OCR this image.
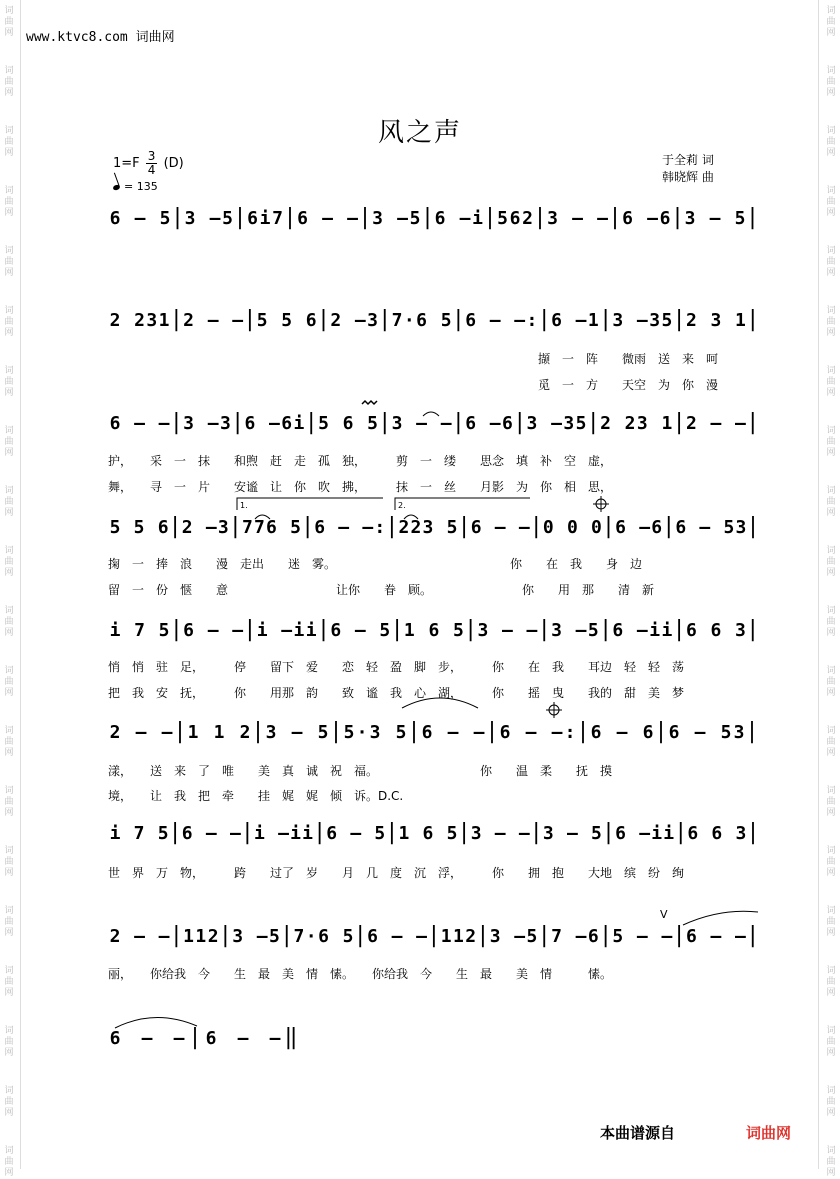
词
曲
网
词
曲
网
词
曲
网
词
曲
网
词
曲
网
词
曲
网
词
曲
网
词
曲
网
词
曲
网
词
曲
网
词
曲
网
词
曲
网
词
曲
网
词
曲
网
词
曲
网
词
曲
网
词
曲
网
词
曲
网
词
曲
网
词
曲
网
词
曲
网
词
曲
网
词
曲
网
词
曲
网
词
曲
网
词
曲
网
词
曲
网
词
曲
网
词
曲
网
词
曲
网
词
曲
网
词
曲
网
词
曲
网
词
曲
网
词
曲
网
词
曲
网
词
曲
网
词
曲
网
词
曲
网
词
曲
网
www.ktvc8.com 词曲网
风之声
$1=F \frac{3}{4} (D)$
= 135
于全莉 词
韩晓辉 曲
6 – 5 | 3 – 5 | 6 i 7 | 6 – – | 3 – 5 | 6 – i | 5 6 2 | 3 – – | 6 – 6 | 3 – 5 |
2 2 3 1 | 2 – – | 5 5 6 | 2 – 3 | 7 · 6 5 | 6 – – : | 6 – 1 | 3 – 3 5 | 2 3 1 |
撷　一　阵　　微雨　送　来　呵
觅　一　方　　天空　为　你　漫
6 – – | 3 – 3 | 6 – 6 i | 5 6 5 | 3 – – | 6 – 6 | 3 – 3 5 | 2 2 3 1 | 2 – – |
护，　　采　一　抹　　和煦　赶　走　孤　独，　　　剪　一　缕　　思念　填　补　空　虚，
舞，　　寻　一　片　　安谧　让　你　吹　拂，　　　抹　一　丝　　月影　为　你　相　思，
5 5 6 | 2 – 3 | 7 7 6 5 | 6 – – : | 2 2 3 5 | 6 – – | 0 0 0 | 6 – 6 | 6 – 5 3 |
掬　一　捧　浪　　漫　走出　　迷　雾。　　　　　　　　　　　　　　　你　　在　我　　身　边
留　一　份　惬　　意　　　　　　　　　让你　　眷　顾。　　　　　　　　你　　用　那　　清　新
i 7 5 | 6 – – | i – i i | 6 – 5 | 1 6 5 | 3 – – | 3 – 5 | 6 – i i | 6 6 3 |
悄　悄　驻　足，　　　停　　留下　爱　　恋　轻　盈　脚　步，　　　你　　在　我　　耳边　轻　轻　荡
把　我　安　抚，　　　你　　用那　韵　　致　谧　我　心　湖，　　　你　　摇　曳　　我的　甜　美　梦
2 – – | 1 1 2 | 3 – 5 | 5 · 3 5 | 6 – – | 6 – – : | 6 – 6 | 6 – 5 3 |
漾，　　送　来　了　唯　　美　真　诚　祝　福。　　　　　　　　　你　　温　柔　　抚　摸
境，　　让　我　把　牵　　挂　娓　娓　倾　诉。D.C.
i 7 5 | 6 – – | i – i i | 6 – 5 | 1 6 5 | 3 – – | 3 – 5 | 6 – i i | 6 6 3 |
世　界　万　物，　　　跨　　过了　岁　　月　几　度　沉　浮，　　　你　　拥　抱　　大地　缤　纷　绚
2 – – | 1 1 2 | 3 – 5 | 7 · 6 5 | 6 – – | 1 1 2 | 3 – 5 | 7 – 6 | 5 – – | 6 – – |
丽，　　你给我　今　　生　最　美　情　愫。　　你给我　今　　生　最　　美　情　　　愫。
6 – – | 6 – – ‖
1.	2.
V
本曲谱源自	词曲网
